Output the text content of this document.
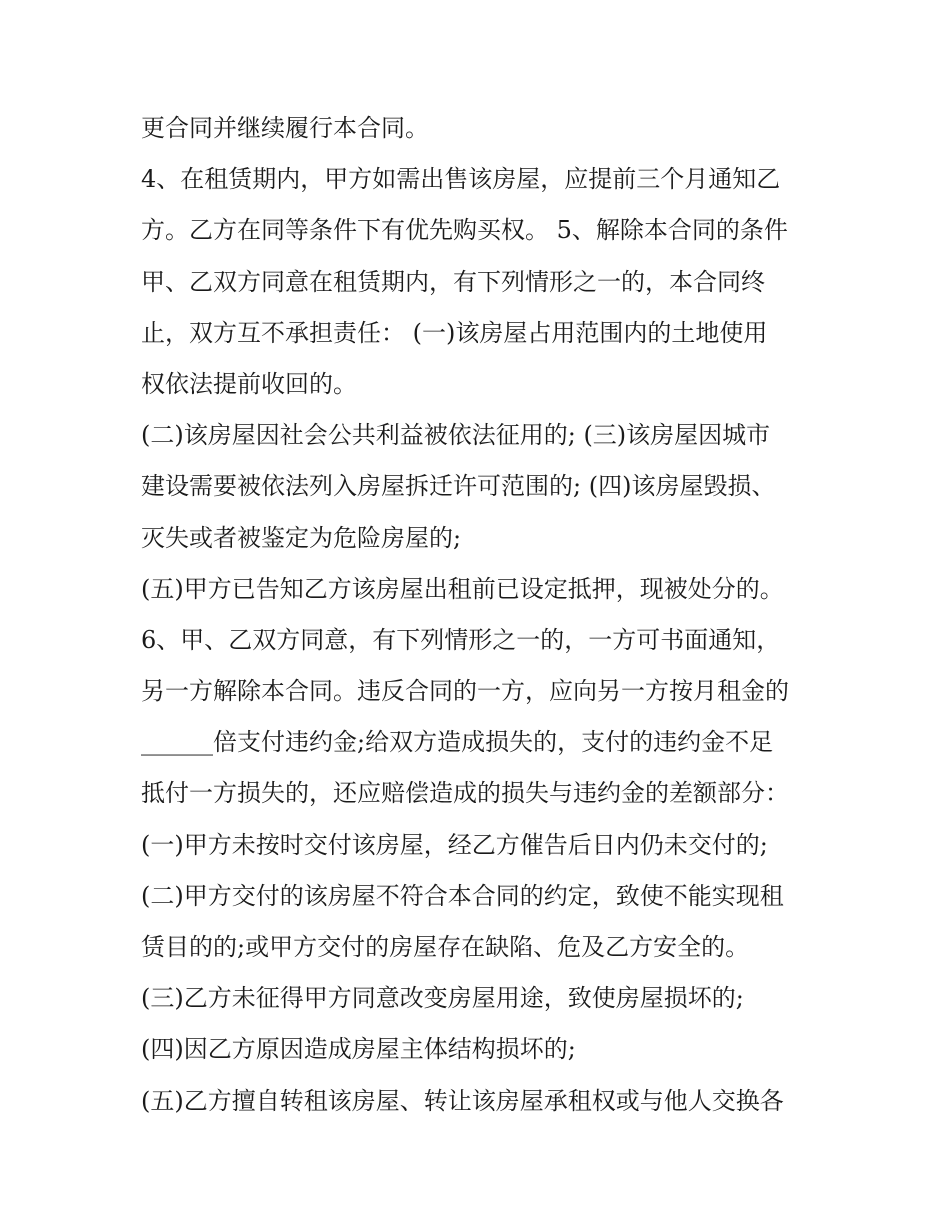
更合同并继续履行本合同。
4、在租赁期内，甲方如需出售该房屋，应提前三个月通知乙
方。乙方在同等条件下有优先购买权。 5、解除本合同的条件
甲、乙双方同意在租赁期内，有下列情形之一的，本合同终
止，双方互不承担责任： (一)该房屋占用范围内的土地使用
权依法提前收回的。
(二)该房屋因社会公共利益被依法征用的; (三)该房屋因城市
建设需要被依法列入房屋拆迁许可范围的; (四)该房屋毁损、
灭失或者被鉴定为危险房屋的;
(五)甲方已告知乙方该房屋出租前已设定抵押，现被处分的。
6、甲、乙双方同意，有下列情形之一的，一方可书面通知，
另一方解除本合同。违反合同的一方，应向另一方按月租金的
______倍支付违约金;给双方造成损失的，支付的违约金不足
抵付一方损失的，还应赔偿造成的损失与违约金的差额部分：
(一)甲方未按时交付该房屋，经乙方催告后日内仍未交付的;
(二)甲方交付的该房屋不符合本合同的约定，致使不能实现租
赁目的的;或甲方交付的房屋存在缺陷、危及乙方安全的。
(三)乙方未征得甲方同意改变房屋用途，致使房屋损坏的;
(四)因乙方原因造成房屋主体结构损坏的;
(五)乙方擅自转租该房屋、转让该房屋承租权或与他人交换各
